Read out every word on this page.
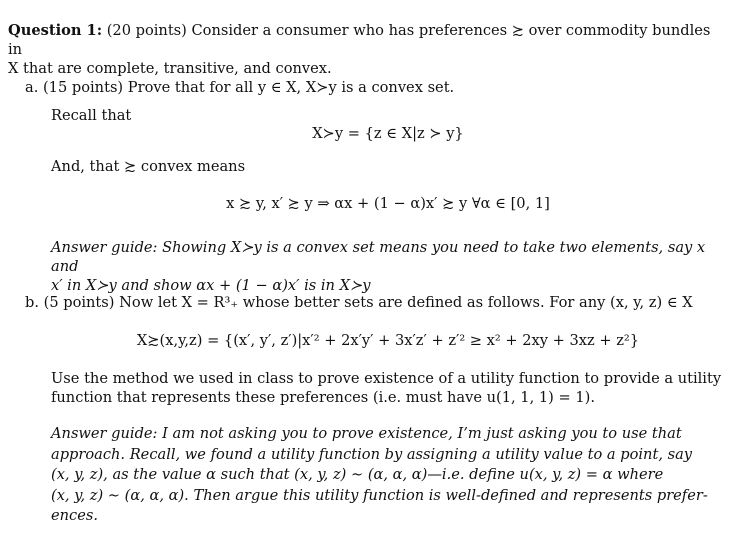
Question 1: (20 points) Consider a consumer who has preferences ≿ over commodity bundles in
X that are complete, transitive, and convex.
a. (15 points) Prove that for all y ∈ X, X≻y is a convex set.
Recall that
X≻y = {z ∈ X|z ≻ y}
And, that ≿ convex means
x ≿ y, x′ ≿ y ⇒ αx + (1 − α)x′ ≿ y ∀α ∈ [0, 1]
Answer guide: Showing X≻y is a convex set means you need to take two elements, say x and
x′ in X≻y and show αx + (1 − α)x′ is in X≻y
b. (5 points) Now let X = R³₊ whose better sets are defined as follows. For any (x, y, z) ∈ X
X≿(x,y,z) = {(x′, y′, z′)|x′² + 2x′y′ + 3x′z′ + z′² ≥ x² + 2xy + 3xz + z²}
Use the method we used in class to prove existence of a utility function to provide a utility
function that represents these preferences (i.e. must have u(1, 1, 1) = 1).
Answer guide: I am not asking you to prove existence, I’m just asking you to use that
approach. Recall, we found a utility function by assigning a utility value to a point, say
(x, y, z), as the value α such that (x, y, z) ∼ (α, α, α)—i.e. define u(x, y, z) = α where
(x, y, z) ∼ (α, α, α). Then argue this utility function is well-defined and represents prefer-
ences.
